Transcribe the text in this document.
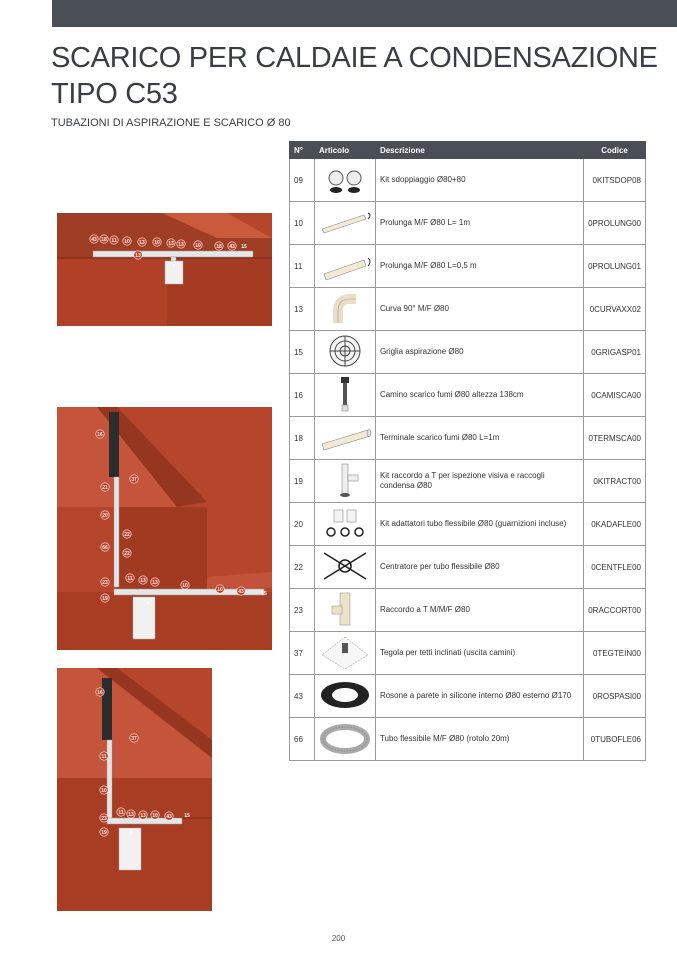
SCARICO PER CALDAIE A CONDENSAZIONE
TIPO C53
TUBAZIONI DI ASPIRAZIONE E SCARICO Ø 80
43 18 11 10 13 10 13 13 10	18 43 15
13
9
16
37
21
20
66
22
22
23
19
11 13 13	10
10	43	15
9
16
37
11
10
11 13 13 10 43 15
23
19	9
N°	Articolo	Descrizione	Codice
09		Kit sdoppiaggio Ø80+80	0KITSDOP08
10		Prolunga M/F Ø80 L= 1m	0PROLUNG00
11		Prolunga M/F Ø80 L=0,5 m	0PROLUNG01
13		Curva 90° M/F Ø80	0CURVAXX02
15		Griglia aspirazione Ø80	0GRIGASP01
16		Camino scarico fumi Ø80 altezza 138cm	0CAMISCA00
18		Terminale scarico fumi Ø80 L=1m	0TERMSCA00
19		Kit raccordo a T per ispezione visiva e raccogli condensa Ø80	0KITRACT00
20		Kit adattatori tubo flessibile Ø80 (guarnizioni incluse)	0KADAFLE00
22		Centratore per tubo flessibile Ø80	0CENTFLE00
23		Raccordo a T M/M/F Ø80	0RACCORT00
37		Tegola per tetti inclinati (uscita camini)	0TEGTEIN00
43		Rosone a parete in silicone interno Ø80 esterno Ø170	0ROSPASI00
66		Tubo flessibile M/F Ø80 (rotolo 20m)	0TUBOFLE06
200
